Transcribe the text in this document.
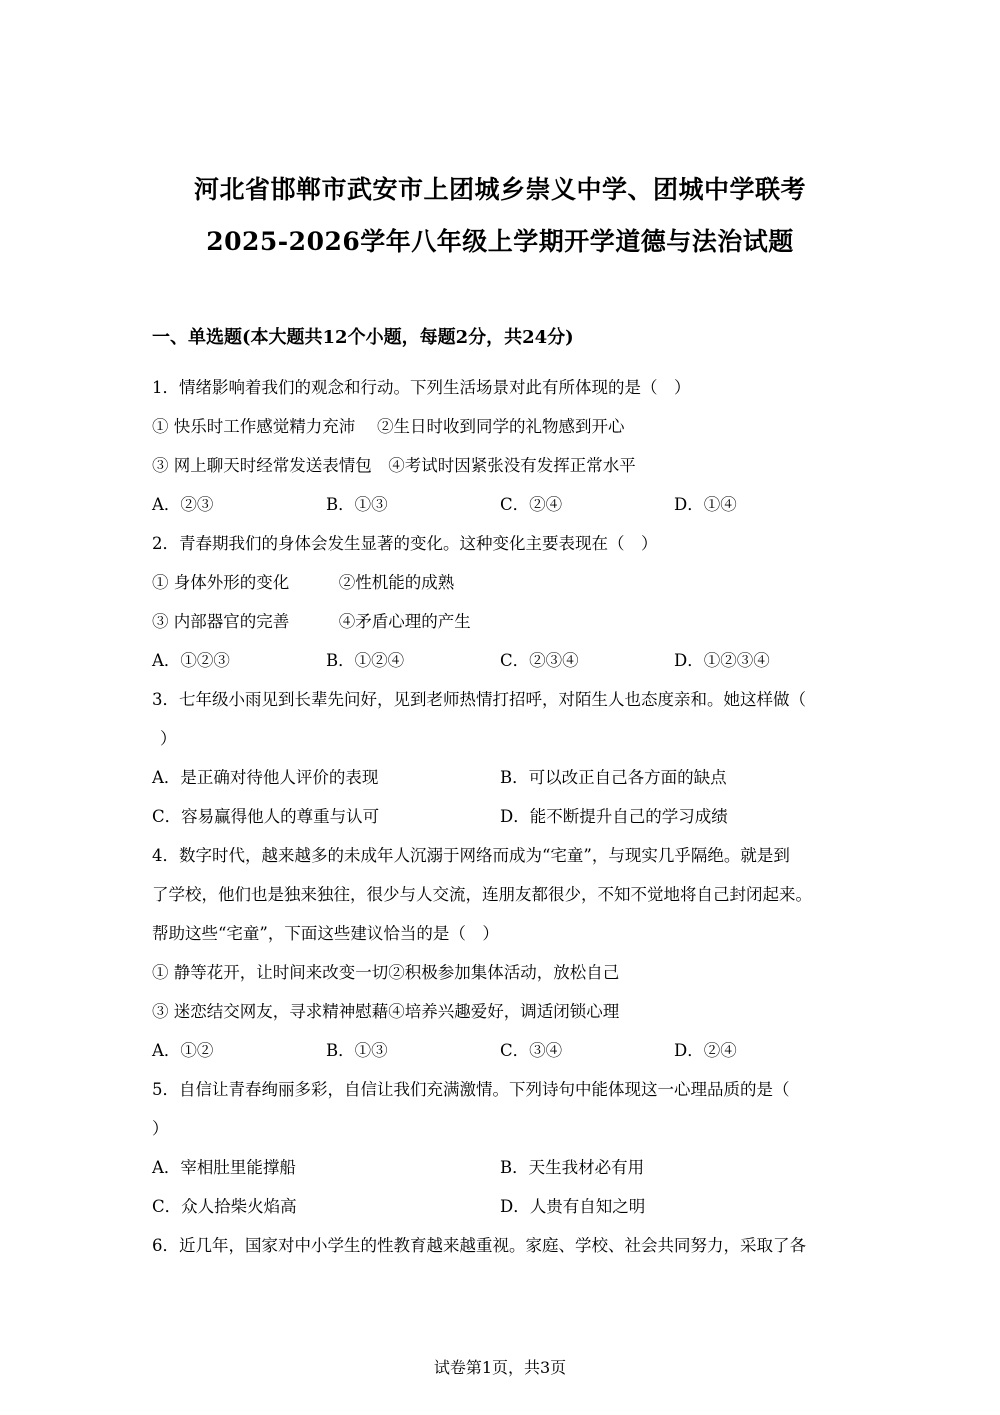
河北省邯郸市武安市上团城乡崇义中学、团城中学联考
2025-2026学年八年级上学期开学道德与法治试题
一、单选题(本大题共12个小题，每题2分，共24分)
1．情绪影响着我们的观念和行动。下列生活场景对此有所体现的是（　）
① 快乐时工作感觉精力充沛　 ②生日时收到同学的礼物感到开心
③ 网上聊天时经常发送表情包　④考试时因紧张没有发挥正常水平
A．②③	B．①③	C．②④	D．①④
2．青春期我们的身体会发生显著的变化。这种变化主要表现在（　）
① 身体外形的变化　　　②性机能的成熟
③ 内部器官的完善　　　④矛盾心理的产生
A．①②③	B．①②④	C．②③④	D．①②③④
3．七年级小雨见到长辈先问好，见到老师热情打招呼，对陌生人也态度亲和。她这样做（
）
A．是正确对待他人评价的表现	B．可以改正自己各方面的缺点
C．容易赢得他人的尊重与认可	D．能不断提升自己的学习成绩
4．数字时代，越来越多的未成年人沉溺于网络而成为“宅童”，与现实几乎隔绝。就是到
了学校，他们也是独来独往，很少与人交流，连朋友都很少，不知不觉地将自己封闭起来。
帮助这些“宅童”，下面这些建议恰当的是（　）
① 静等花开，让时间来改变一切②积极参加集体活动，放松自己
③ 迷恋结交网友，寻求精神慰藉④培养兴趣爱好，调适闭锁心理
A．①②	B．①③	C．③④	D．②④
5．自信让青春绚丽多彩，自信让我们充满激情。下列诗句中能体现这一心理品质的是（
）
A．宰相肚里能撑船	B．天生我材必有用
C．众人拾柴火焰高	D．人贵有自知之明
6．近几年，国家对中小学生的性教育越来越重视。家庭、学校、社会共同努力，采取了各
试卷第1页，共3页
